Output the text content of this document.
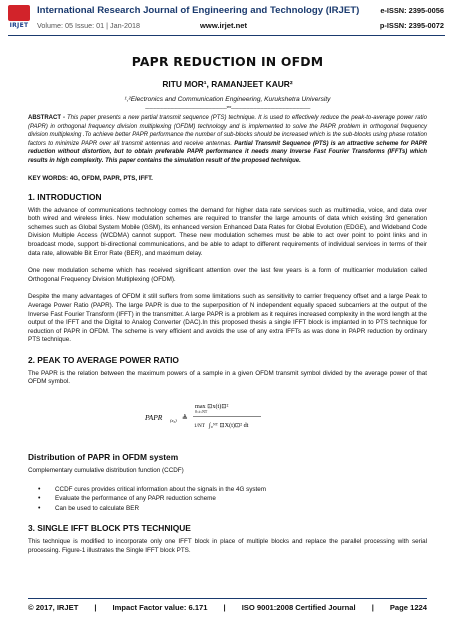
IRJET
International Research Journal of Engineering and Technology (IRJET)	e-ISSN: 2395-0056
Volume: 05 Issue: 01 | Jan-2018	www.irjet.net	p-ISSN: 2395-0072
PAPR REDUCTION IN OFDM
RITU MOR¹, RAMANJEET KAUR²
¹,²Electronics and Communication Engineering, Kurukshetra University
----------------------------------------------------------------------***--------------------------------------------------------------------
ABSTRACT - This paper presents a new partial transmit sequence (PTS) technique. It is used to effectively reduce the peak-to-average power ratio (PAPR) in orthogonal frequency division multiplexing (OFDM) technology and is implemented to solve the PAPR problem in orthogonal frequency division multiplexing .To achieve better PAPR performance the number of sub-blocks should be increased which is the sub-blocks using phase rotation factors to minimize PAPR over all transmit antennas and receive antennas. Partial Transmit Sequence (PTS) is an attractive scheme for PAPR reduction without distortion, but to obtain preferable PAPR performance it needs many Inverse Fast Fourier Transforms (IFFTs) which results in high complexity. This paper contains the simulation result of the proposed technique.
KEY WORDS: 4G, OFDM, PAPR, PTS, IFFT.
1. INTRODUCTION

With the advance of communications technology comes the demand for higher data rate services such as multimedia, voice, and data over both wired and wireless links. New modulation schemes are required to transfer the large amounts of data which existing 3rd generation schemes such as Global System Mobile (GSM), its enhanced version Enhanced Data Rates for Global Evolution (EDGE), and Wideband Code Division Multiple Access (WCDMA) cannot support. These new modulation schemes must be able to act over point to point links and in broadcast mode, support bi-directional communications, and be able to adapt to different requirements of individual services in terms of their data rate, allowable Bit Error Rate (BER), and maximum delay.

One new modulation scheme which has received significant attention over the last few years is a form of multicarrier modulation called Orthogonal Frequency Division Multiplexing (OFDM).

Despite the many advantages of OFDM it still suffers from some limitations such as sensitivity to carrier frequency offset and a large Peak to Average Power Ratio (PAPR). The large PAPR is due to the superposition of N independent equally spaced subcarriers at the output of the Inverse Fast Fourier Transform (IFFT) in the transmitter. A large PAPR is a problem as it requires increased complexity in the word length at the output of the IFFT and the Digital to Analog Converter (DAC).In this proposed thesis a single IFFT block is implanted in to PTS technique for reduction of PAPR in OFDM. The scheme is very efficient and avoids the use of any extra IFFTs as was done in PAPR reduction by ordinary PTS technique.

2. PEAK TO AVERAGE POWER RATIO

The PAPR is the relation between the maximum powers of a sample in a given OFDM transmit symbol divided by the average power of that OFDM symbol.

PAPR (x₀) ≜
max ⊡x(t)⊡²
0≤t≤NT
1/NT ∫₀ᴺᵀ ⊡X(t)⊡² dt
Distribution of PAPR in OFDM system

Complementary cumulative distribution function (CCDF)

• CCDF cures provides critical information about the signals in the 4G system
• Evaluate the performance of any PAPR reduction scheme
• Can be used to calculate BER
3. SINGLE IFFT BLOCK PTS TECHNIQUE

This technique is modified to incorporate only one IFFT block in place of multiple blocks and replace the parallel processing with serial processing. Figure-1 illustrates the Single IFFT block PTS.

© 2017, IRJET | Impact Factor value: 6.171 | ISO 9001:2008 Certified Journal | Page 1224
